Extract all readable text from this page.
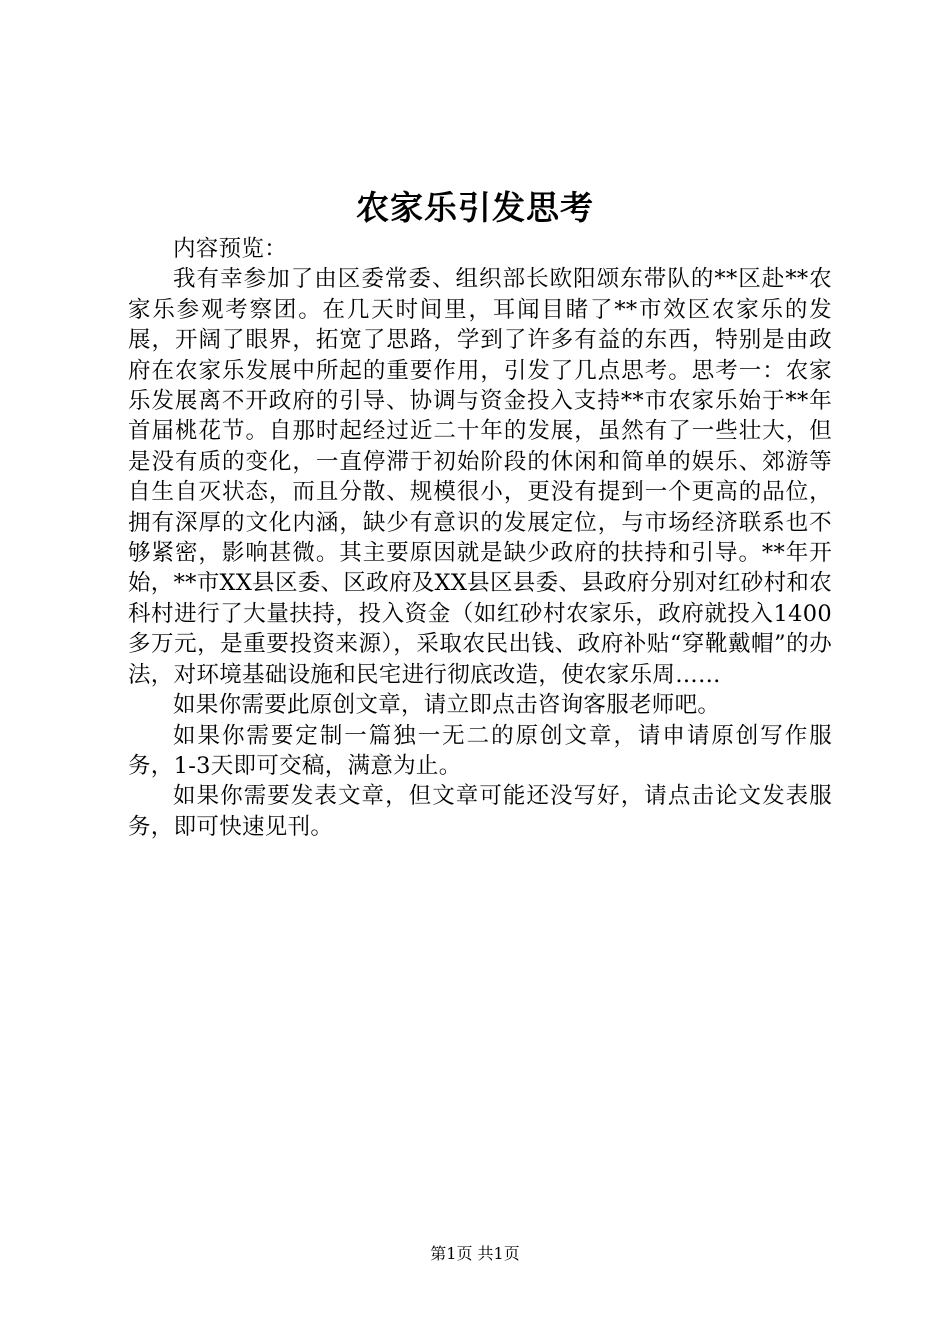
农家乐引发思考

内容预览：

我有幸参加了由区委常委、组织部长欧阳颂东带队的**区赴**农家乐参观考察团。在几天时间里，耳闻目睹了**市效区农家乐的发展，开阔了眼界，拓宽了思路，学到了许多有益的东西，特别是由政府在农家乐发展中所起的重要作用，引发了几点思考。思考一：农家乐发展离不开政府的引导、协调与资金投入支持**市农家乐始于**年首届桃花节。自那时起经过近二十年的发展，虽然有了一些壮大，但是没有质的变化，一直停滞于初始阶段的休闲和简单的娱乐、郊游等自生自灭状态，而且分散、规模很小，更没有提到一个更高的品位，拥有深厚的文化内涵，缺少有意识的发展定位，与市场经济联系也不够紧密，影响甚微。其主要原因就是缺少政府的扶持和引导。**年开始，**市XX县区委、区政府及XX县区县委、县政府分别对红砂村和农科村进行了大量扶持，投入资金（如红砂村农家乐，政府就投入1400多万元，是重要投资来源），采取农民出钱、政府补贴“穿靴戴帽”的办法，对环境基础设施和民宅进行彻底改造，使农家乐周……

如果你需要此原创文章，请立即点击咨询客服老师吧。

如果你需要定制一篇独一无二的原创文章，请申请原创写作服务，1-3天即可交稿，满意为止。

如果你需要发表文章，但文章可能还没写好，请点击论文发表服务，即可快速见刊。

第1页 共1页
